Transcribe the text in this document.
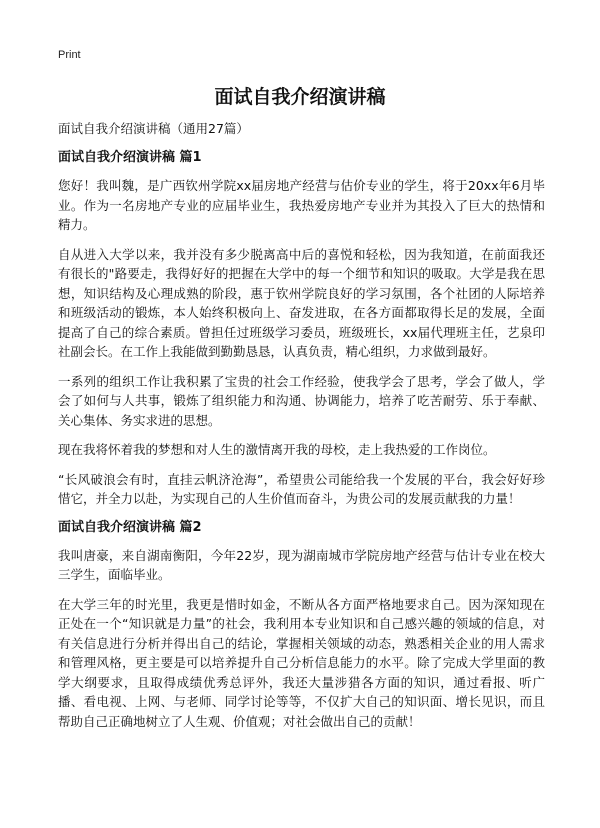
Print
面试自我介绍演讲稿
面试自我介绍演讲稿（通用27篇）
面试自我介绍演讲稿 篇1

您好！我叫魏，是广西钦州学院xx届房地产经营与估价专业的学生，将于20xx年6月毕业。作为一名房地产专业的应届毕业生，我热爱房地产专业并为其投入了巨大的热情和精力。

自从进入大学以来，我并没有多少脱离高中后的喜悦和轻松，因为我知道，在前面我还有很长的"路要走，我得好好的把握在大学中的每一个细节和知识的吸取。大学是我在思想，知识结构及心理成熟的阶段，惠于钦州学院良好的学习氛围，各个社团的人际培养和班级活动的锻炼，本人始终积极向上、奋发进取，在各方面都取得长足的发展，全面提高了自己的综合素质。曾担任过班级学习委员，班级班长，xx届代理班主任，艺泉印社副会长。在工作上我能做到勤勤恳恳，认真负责，精心组织，力求做到最好。

一系列的组织工作让我积累了宝贵的社会工作经验，使我学会了思考，学会了做人，学会了如何与人共事，锻炼了组织能力和沟通、协调能力，培养了吃苦耐劳、乐于奉献、关心集体、务实求进的思想。

现在我将怀着我的梦想和对人生的激情离开我的母校，走上我热爱的工作岗位。

“长风破浪会有时，直挂云帆济沧海”，希望贵公司能给我一个发展的平台，我会好好珍惜它，并全力以赴，为实现自己的人生价值而奋斗，为贵公司的发展贡献我的力量！

面试自我介绍演讲稿 篇2

我叫唐豪，来自湖南衡阳，今年22岁，现为湖南城市学院房地产经营与估计专业在校大三学生，面临毕业。

在大学三年的时光里，我更是惜时如金，不断从各方面严格地要求自己。因为深知现在正处在一个“知识就是力量”的社会，我利用本专业知识和自己感兴趣的领域的信息，对有关信息进行分析并得出自己的结论，掌握相关领域的动态，熟悉相关企业的用人需求和管理风格，更主要是可以培养提升自己分析信息能力的水平。除了完成大学里面的教学大纲要求，且取得成绩优秀总评外，我还大量涉猎各方面的知识，通过看报、听广播、看电视、上网、与老师、同学讨论等等，不仅扩大自己的知识面、增长见识，而且帮助自己正确地树立了人生观、价值观；对社会做出自己的贡献！
